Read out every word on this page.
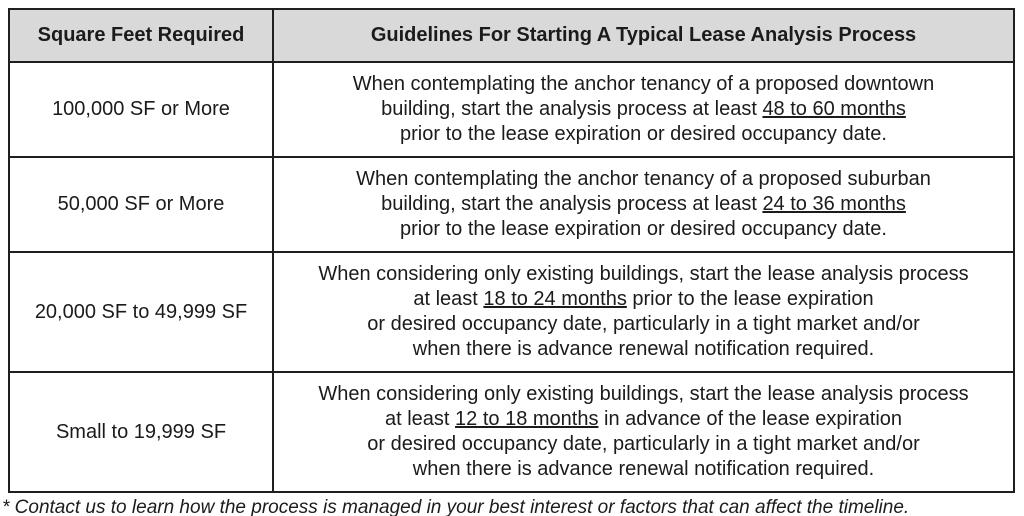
Square Feet Required	Guidelines For Starting A Typical Lease Analysis Process
100,000 SF or More	When contemplating the anchor tenancy of a proposed downtown
building, start the analysis process at least 48 to 60 months
prior to the lease expiration or desired occupancy date.

50,000 SF or More	When contemplating the anchor tenancy of a proposed suburban
building, start the analysis process at least 24 to 36 months
prior to the lease expiration or desired occupancy date.

20,000 SF to 49,999 SF	When considering only existing buildings, start the lease analysis process
at least 18 to 24 months prior to the lease expiration
or desired occupancy date, particularly in a tight market and/or
when there is advance renewal notification required.

Small to 19,999 SF	When considering only existing buildings, start the lease analysis process
at least 12 to 18 months in advance of the lease expiration
or desired occupancy date, particularly in a tight market and/or
when there is advance renewal notification required.

* Contact us to learn how the process is managed in your best interest or factors that can affect the timeline.
